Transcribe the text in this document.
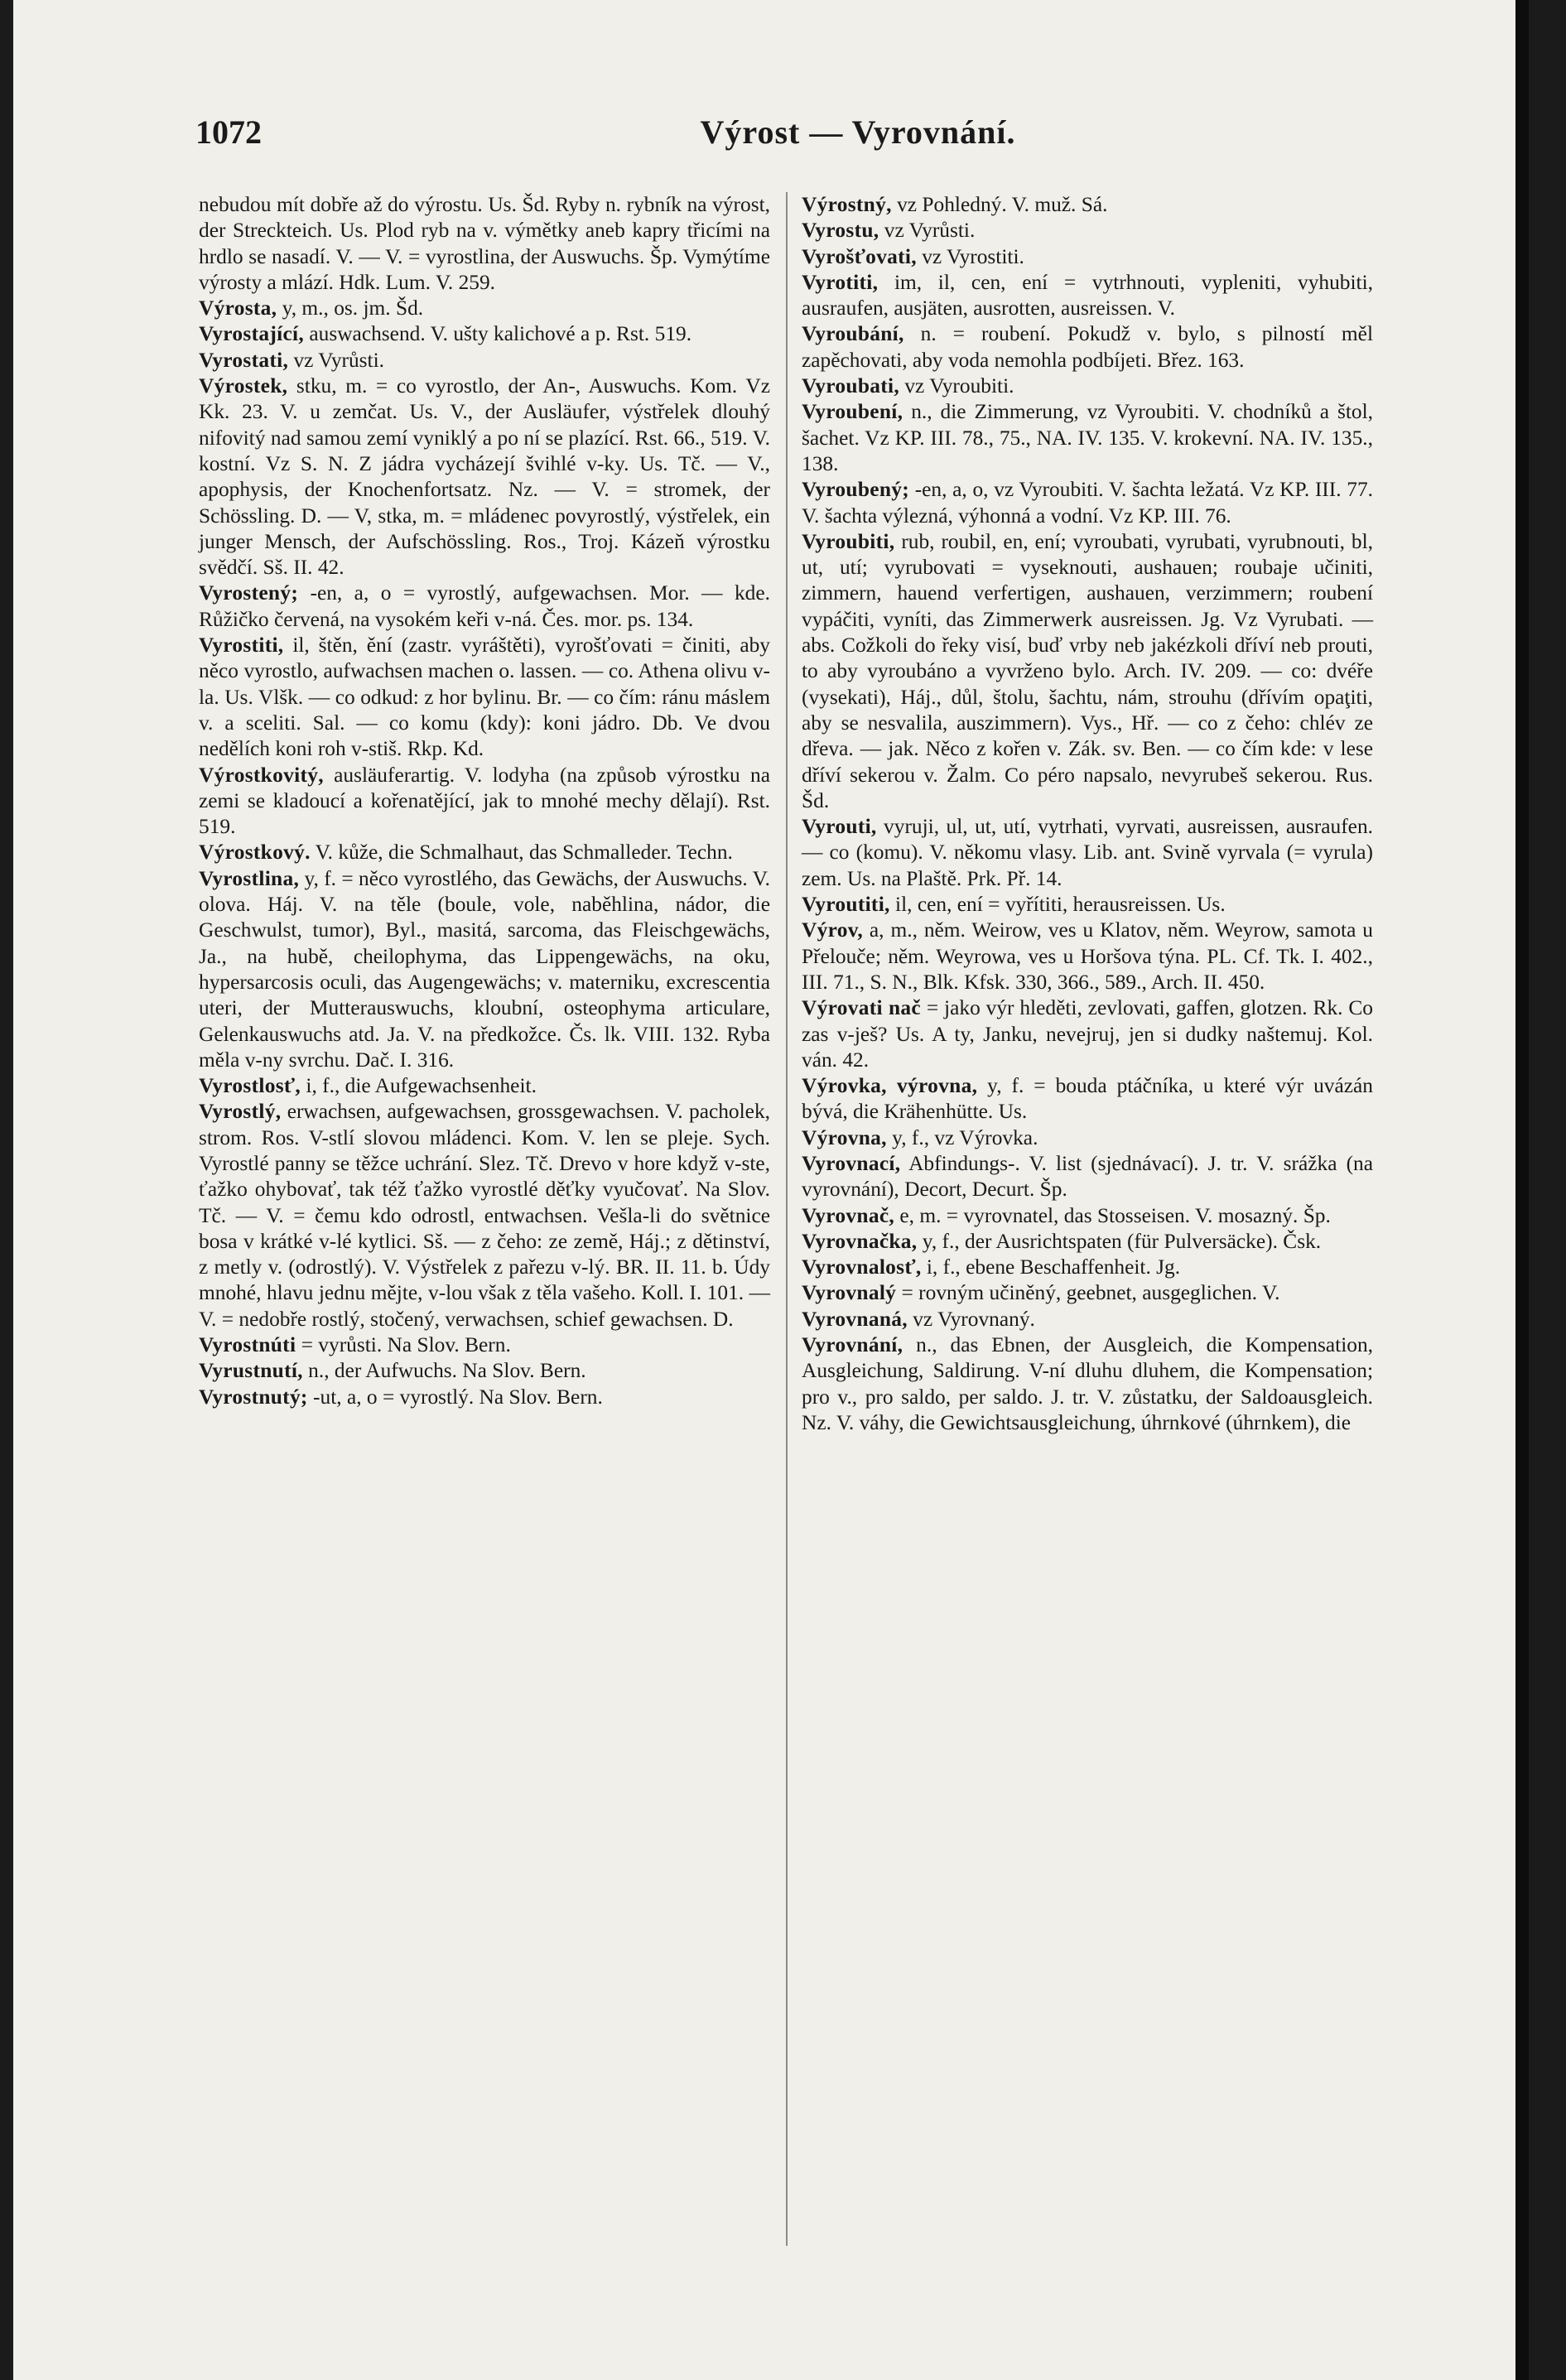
1072	Výrost — Vyrovnání.

nebudou mít dobře až do výrostu. Us. Šd. Ryby n. rybník na výrost, der Streckteich. Us. Plod ryb na v. výmětky aneb kapry třicími na hrdlo se nasadí. V. — V. = vyrostlina, der Auswuchs. Šp. Vymýtíme výrosty a mlází. Hdk. Lum. V. 259.

Výrosta, y, m., os. jm. Šd.

Vyrostající, auswachsend. V. ušty kalichové a p. Rst. 519.

Vyrostati, vz Vyrůsti.

Výrostek, stku, m. = co vyrostlo, der An-, Auswuchs. Kom. Vz Kk. 23. V. u zemčat. Us. V., der Ausläufer, výstřelek dlouhý nifovitý nad samou zemí vyniklý a po ní se plazící. Rst. 66., 519. V. kostní. Vz S. N. Z jádra vycházejí švihlé v-ky. Us. Tč. — V., apophysis, der Knochenfortsatz. Nz. — V. = stromek, der Schössling. D. — V, stka, m. = mládenec povyrostlý, výstřelek, ein junger Mensch, der Aufschössling. Ros., Troj. Kázeň výrostku svědčí. Sš. II. 42.

Vyrostený; -en, a, o = vyrostlý, aufgewachsen. Mor. — kde. Růžičko červená, na vysokém keři v-ná. Čes. mor. ps. 134.

Vyrostiti, il, štěn, ění (zastr. vyráštěti), vyrošťovati = činiti, aby něco vyrostlo, aufwachsen machen o. lassen. — co. Athena olivu v-la. Us. Vlšk. — co odkud: z hor bylinu. Br. — co čím: ránu máslem v. a sceliti. Sal. — co komu (kdy): koni jádro. Db. Ve dvou nedělích koni roh v-stiš. Rkp. Kd.

Výrostkovitý, ausläuferartig. V. lodyha (na způsob výrostku na zemi se kladoucí a kořenatějící, jak to mnohé mechy dělají). Rst. 519.

Výrostkový. V. kůže, die Schmalhaut, das Schmalleder. Techn.

Vyrostlina, y, f. = něco vyrostlého, das Gewächs, der Auswuchs. V. olova. Háj. V. na těle (boule, vole, naběhlina, nádor, die Geschwulst, tumor), Byl., masitá, sarcoma, das Fleischgewächs, Ja., na hubě, cheilophyma, das Lippengewächs, na oku, hypersarcosis oculi, das Augengewächs; v. materniku, excrescentia uteri, der Mutterauswuchs, kloubní, osteophyma articulare, Gelenkauswuchs atd. Ja. V. na předkožce. Čs. lk. VIII. 132. Ryba měla v-ny svrchu. Dač. I. 316.

Vyrostlosť, i, f., die Aufgewachsenheit.

Vyrostlý, erwachsen, aufgewachsen, grossgewachsen. V. pacholek, strom. Ros. V-stlí slovou mládenci. Kom. V. len se pleje. Sych. Vyrostlé panny se těžce uchrání. Slez. Tč. Drevo v hore když v-ste, ťažko ohybovať, tak též ťažko vyrostlé děťky vyučovať. Na Slov. Tč. — V. = čemu kdo odrostl, entwachsen. Vešla-li do světnice bosa v krátké v-lé kytlici. Sš. — z čeho: ze země, Háj.; z dětinství, z metly v. (odrostlý). V. Výstřelek z pařezu v-lý. BR. II. 11. b. Údy mnohé, hlavu jednu mějte, v-lou však z těla vašeho. Koll. I. 101. — V. = nedobře rostlý, stočený, verwachsen, schief gewachsen. D.

Vyrostnúti = vyrůsti. Na Slov. Bern.

Vyrustnutí, n., der Aufwuchs. Na Slov. Bern.

Vyrostnutý; -ut, a, o = vyrostlý. Na Slov. Bern.

Výrostný, vz Pohledný. V. muž. Sá.

Vyrostu, vz Vyrůsti.

Vyrošťovati, vz Vyrostiti.

Vyrotiti, im, il, cen, ení = vytrhnouti, vypleniti, vyhubiti, ausraufen, ausjäten, ausrotten, ausreissen. V.

Vyroubání, n. = roubení. Pokudž v. bylo, s pilností měl zapěchovati, aby voda nemohla podbíjeti. Břez. 163.

Vyroubati, vz Vyroubiti.

Vyroubení, n., die Zimmerung, vz Vyroubiti. V. chodníků a štol, šachet. Vz KP. III. 78., 75., NA. IV. 135. V. krokevní. NA. IV. 135., 138.

Vyroubený; -en, a, o, vz Vyroubiti. V. šachta ležatá. Vz KP. III. 77. V. šachta výlezná, výhonná a vodní. Vz KP. III. 76.

Vyroubiti, rub, roubil, en, ení; vyroubati, vyrubati, vyrubnouti, bl, ut, utí; vyrubovati = vyseknouti, aushauen; roubaje učiniti, zimmern, hauend verfertigen, aushauen, verzimmern; roubení vypáčiti, vyníti, das Zimmerwerk ausreissen. Jg. Vz Vyrubati. — abs. Cožkoli do řeky visí, buď vrby neb jakézkoli dříví neb prouti, to aby vyroubáno a vyvrženo bylo. Arch. IV. 209. — co: dvéře (vysekati), Háj., důl, štolu, šachtu, nám, strouhu (dřívím opaţiti, aby se nesvalila, auszimmern). Vys., Hř. — co z čeho: chlév ze dřeva. — jak. Něco z kořen v. Zák. sv. Ben. — co čím kde: v lese dříví sekerou v. Žalm. Co péro napsalo, nevyrubeš sekerou. Rus. Šd.

Vyrouti, vyruji, ul, ut, utí, vytrhati, vyrvati, ausreissen, ausraufen. — co (komu). V. někomu vlasy. Lib. ant. Svině vyrvala (= vyrula) zem. Us. na Plaště. Prk. Př. 14.

Vyroutiti, il, cen, ení = vyřítiti, herausreissen. Us.

Výrov, a, m., něm. Weirow, ves u Klatov, něm. Weyrow, samota u Přelouče; něm. Weyrowa, ves u Horšova týna. PL. Cf. Tk. I. 402., III. 71., S. N., Blk. Kfsk. 330, 366., 589., Arch. II. 450.

Výrovati nač = jako výr hleděti, zevlovati, gaffen, glotzen. Rk. Co zas v-ješ? Us. A ty, Janku, nevejruj, jen si dudky naštemuj. Kol. ván. 42.

Výrovka, výrovna, y, f. = bouda ptáčníka, u které výr uvázán bývá, die Krähenhütte. Us.

Výrovna, y, f., vz Výrovka.

Vyrovnací, Abfindungs-. V. list (sjednávací). J. tr. V. srážka (na vyrovnání), Decort, Decurt. Šp.

Vyrovnač, e, m. = vyrovnatel, das Stosseisen. V. mosazný. Šp.

Vyrovnačka, y, f., der Ausrichtspaten (für Pulversäcke). Čsk.

Vyrovnalosť, i, f., ebene Beschaffenheit. Jg.

Vyrovnalý = rovným učiněný, geebnet, ausgeglichen. V.

Vyrovnaná, vz Vyrovnaný.

Vyrovnání, n., das Ebnen, der Ausgleich, die Kompensation, Ausgleichung, Saldirung. V-ní dluhu dluhem, die Kompensation; pro v., pro saldo, per saldo. J. tr. V. zůstatku, der Saldoausgleich. Nz. V. váhy, die Gewichtsausgleichung, úhrnkové (úhrnkem), die
